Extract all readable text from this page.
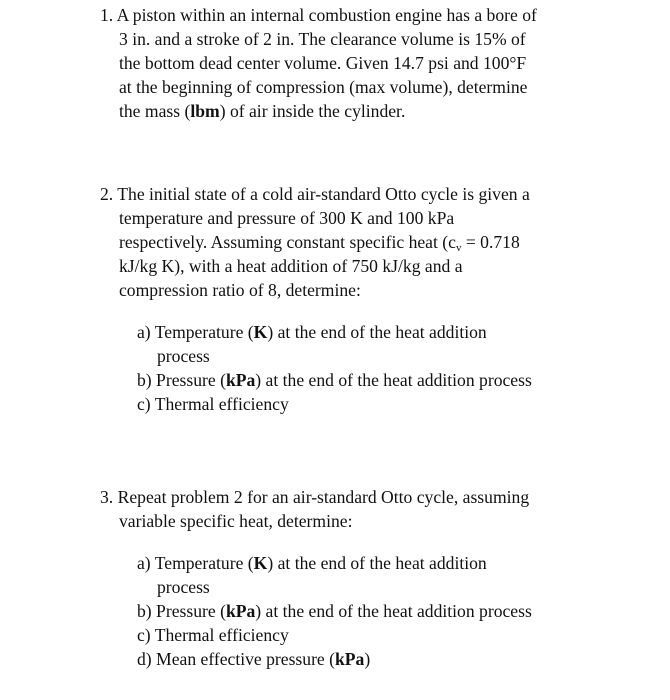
1. A piston within an internal combustion engine has a bore of
3 in. and a stroke of 2 in. The clearance volume is 15% of
the bottom dead center volume. Given 14.7 psi and 100°F
at the beginning of compression (max volume), determine
the mass (lbm) of air inside the cylinder.
2. The initial state of a cold air-standard Otto cycle is given a
temperature and pressure of 300 K and 100 kPa
respectively. Assuming constant specific heat (cv = 0.718
kJ/kg K), with a heat addition of 750 kJ/kg and a
compression ratio of 8, determine:
a) Temperature (K) at the end of the heat addition
process
b) Pressure (kPa) at the end of the heat addition process
c) Thermal efficiency
3. Repeat problem 2 for an air-standard Otto cycle, assuming
variable specific heat, determine:
a) Temperature (K) at the end of the heat addition
process
b) Pressure (kPa) at the end of the heat addition process
c) Thermal efficiency
d) Mean effective pressure (kPa)
